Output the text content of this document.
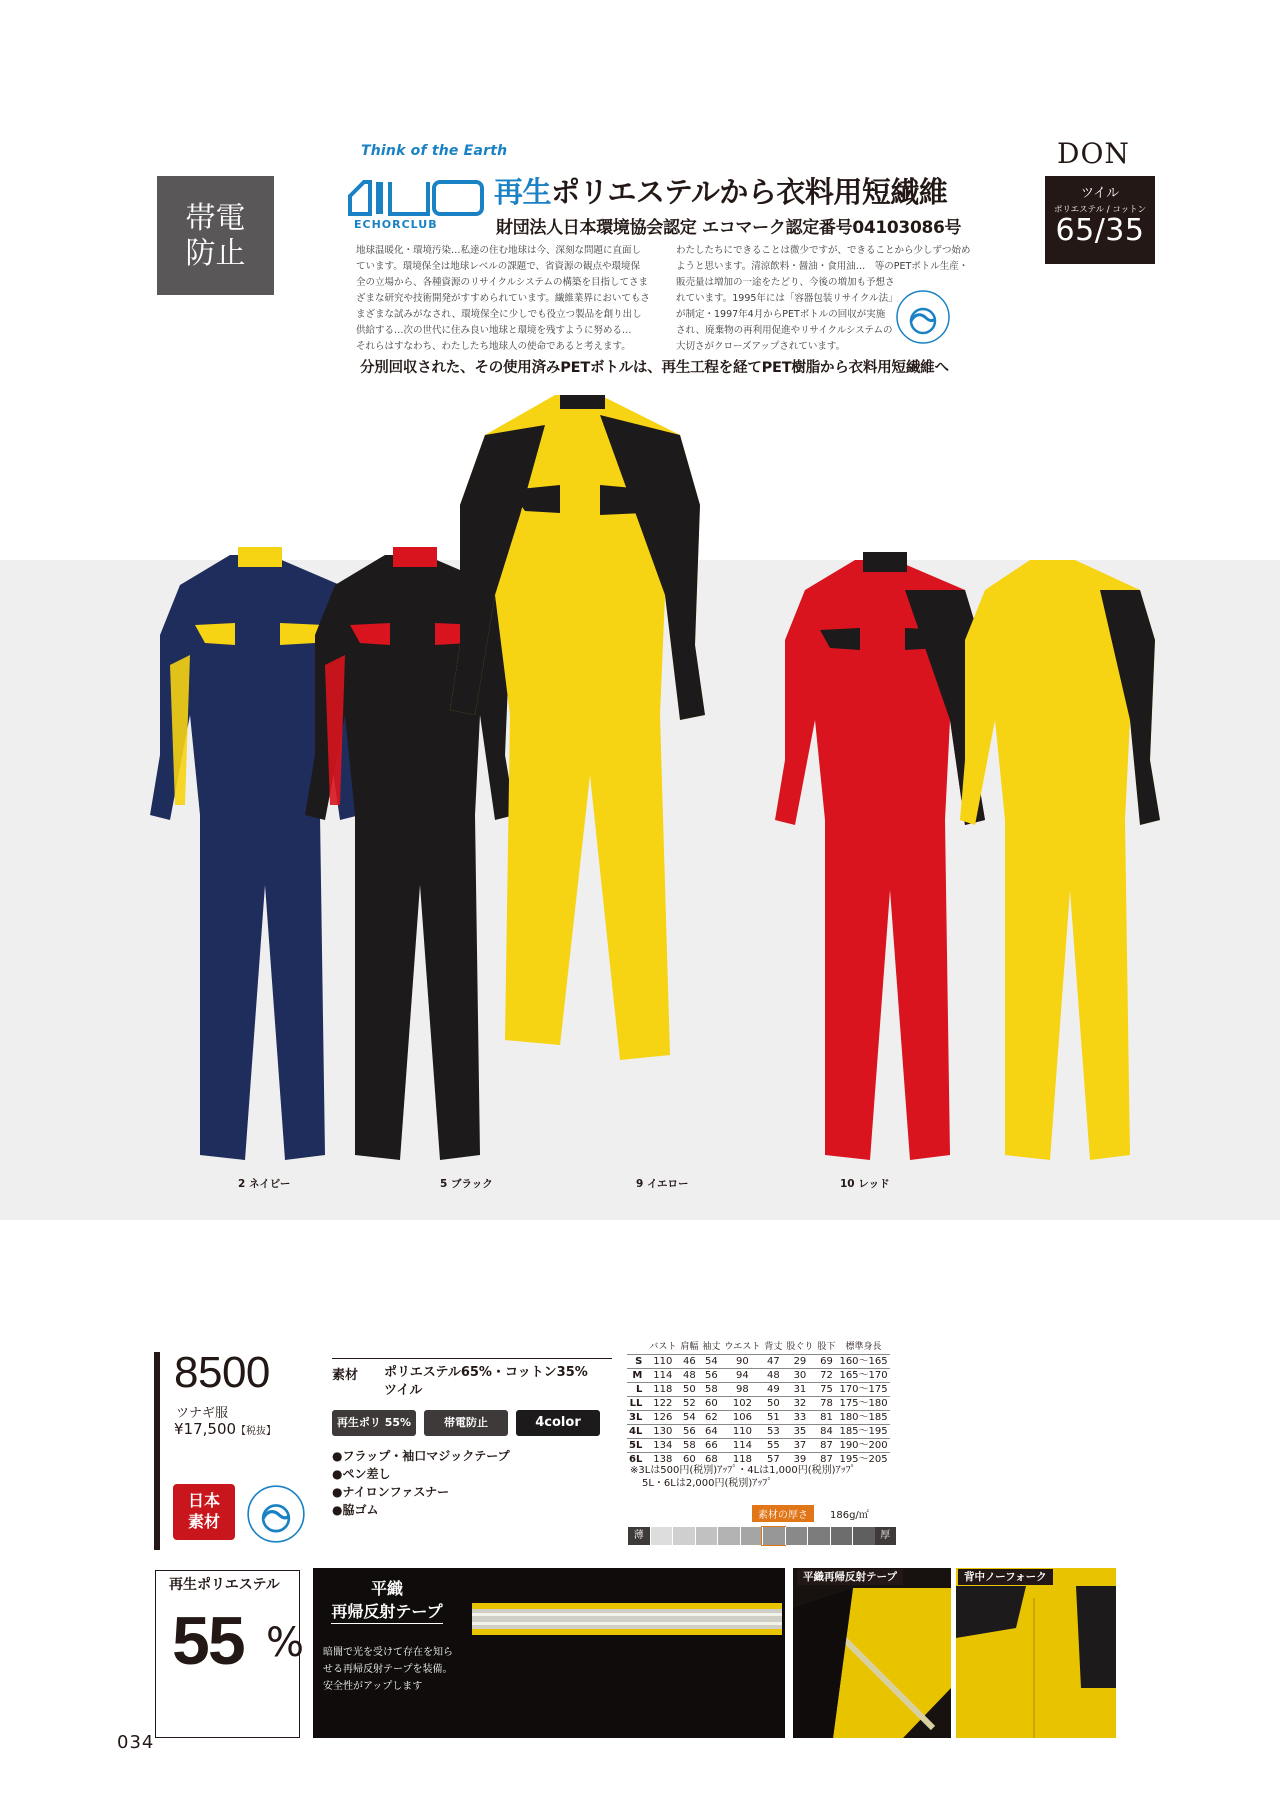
帯電
防止
Think of the Earth
ECHORCLUB
再生ポリエステルから衣料用短繊維
財団法人日本環境協会認定 エコマーク認定番号04103086号
地球温暖化・環境汚染…私達の住む地球は今、深刻な問題に直面し
ています。環境保全は地球レベルの課題で、省資源の観点や環境保
全の立場から、各種資源のリサイクルシステムの構築を目指してさま
ざまな研究や技術開発がすすめられています。繊維業界においてもさ
まざまな試みがなされ、環境保全に少しでも役立つ製品を創り出し
供給する…次の世代に住み良い地球と環境を残すように努める…
それらはすなわち、わたしたち地球人の使命であると考えます。
わたしたちにできることは微少ですが、できることから少しずつ始め
ようと思います。清涼飲料・醤油・食用油…　等のPETボトル生産・
販売量は増加の一途をたどり、今後の増加も予想さ
れています。1995年には「容器包装リサイクル法」
が制定・1997年4月からPETボトルの回収が実施
され、廃棄物の再利用促進やリサイクルシステムの
大切さがクローズアップされています。
分別回収された、その使用済みPETボトルは、再生工程を経てPET樹脂から衣料用短繊維へ
DON
ツイル
ポリエステル / コットン
65/35
2 ネイビー	5 ブラック	9 イエロー	10 レッド
8500
ツナギ服
¥17,500【税抜】
日本
素材
素材 ポリエステル65%・コットン35%
ツイル
再生ポリ 55%	帯電防止	4color
●フラップ・袖口マジックテープ
●ペン差し
●ナイロンファスナー
●脇ゴム
	バスト	肩幅	袖丈	ウエスト	背丈	股ぐり	股下	標準身長
S	110	46	54	90	47	29	69	160～165
M	114	48	56	94	48	30	72	165～170
L	118	50	58	98	49	31	75	170～175
LL	122	52	60	102	50	32	78	175～180
3L	126	54	62	106	51	33	81	180～185
4L	130	56	64	110	53	35	84	185～195
5L	134	58	66	114	55	37	87	190～200
6L	138	60	68	118	57	39	87	195～205
※3Lは500円(税別)ｱｯﾌﾟ・4Lは1,000円(税別)ｱｯﾌﾟ
5L・6Lは2,000円(税別)ｱｯﾌﾟ
素材の厚さ	186g/㎡
薄	厚
再生ポリエステル
55 %
平織
再帰反射テープ
暗闇で光を受けて存在を知ら
せる再帰反射テープを装備。
安全性がアップします
平織再帰反射テープ	背中ノーフォーク
034
